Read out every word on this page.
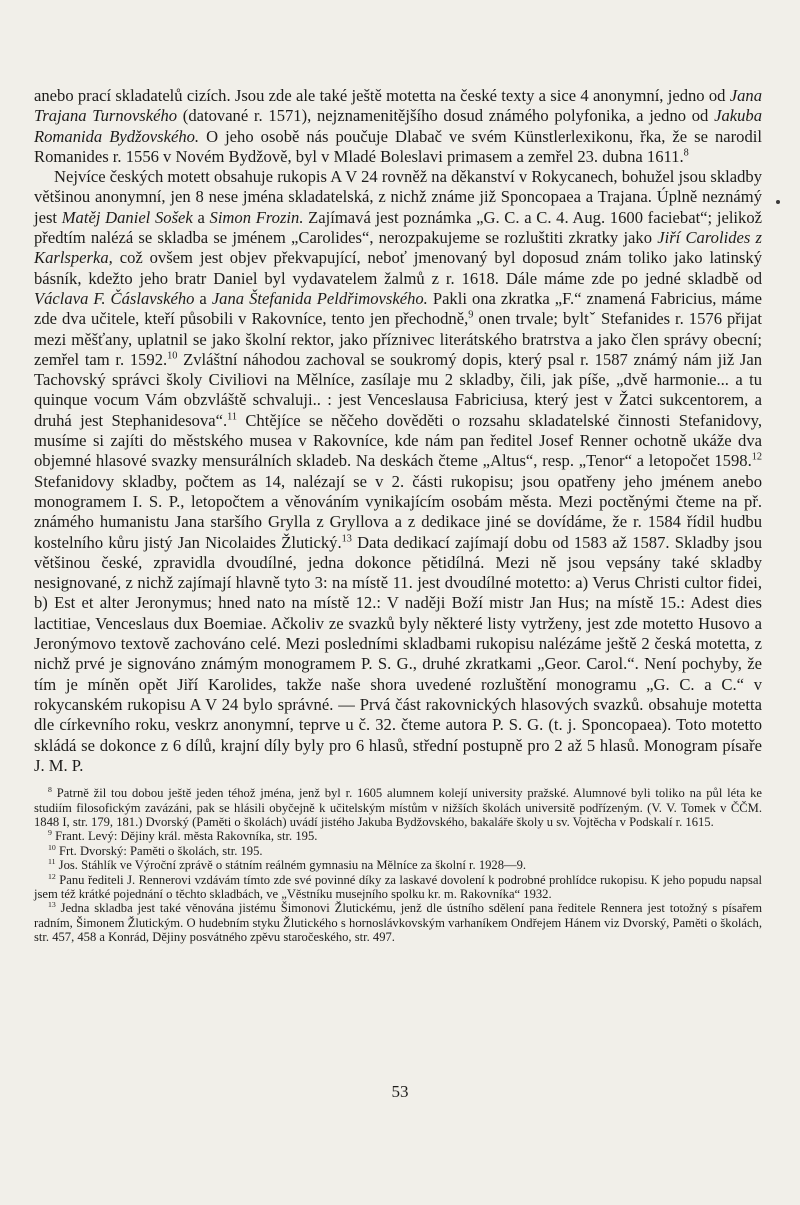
anebo prací skladatelů cizích. Jsou zde ale také ještě motetta na české texty a sice 4 anonymní, jedno od Jana Trajana Turnovského (datované r. 1571), nejznamenitějšího dosud známého polyfonika, a jedno od Jakuba Romanida Bydžovského. O jeho osobě nás poučuje Dlabač ve svém Künstlerlexikonu, řka, že se narodil Romanides r. 1556 v Novém Bydžově, byl v Mladé Boleslavi primasem a zemřel 23. dubna 1611.$^8$

Nejvíce českých motett obsahuje rukopis A V 24 rovněž na děkanství v Rokycanech, bohužel jsou skladby většinou anonymní, jen 8 nese jména skladatelská, z nichž známe již Sponcopaea a Trajana. Úplně neznámý jest Matěj Daniel Sošek a Simon Frozin. Zajímavá jest poznámka „G. C. a C. 4. Aug. 1600 faciebat“; jelikož předtím nalézá se skladba se jménem „Carolides“, nerozpakujeme se rozluštiti zkratky jako Jiří Carolides z Karlsperka, což ovšem jest objev překvapující, neboť jmenovaný byl doposud znám toliko jako latinský básník, kdežto jeho bratr Daniel byl vydavatelem žalmů z r. 1618. Dále máme zde po jedné skladbě od Václava F. Čáslavského a Jana Štefanida Peldřimovského. Pakli ona zkratka „F.“ znamená Fabricius, máme zde dva učitele, kteří působili v Rakovníce, tento jen přechodně,$^9$ onen trvale; byltˇ Stefanides r. 1576 přijat mezi měšťany, uplatnil se jako školní rektor, jako příznivec literátského bratrstva a jako člen správy obecní; zemřel tam r. 1592.10 Zvláštní náhodou zachoval se soukromý dopis, který psal r. 1587 známý nám již Jan Tachovský správci školy Civiliovi na Mělníce, zasílaje mu 2 skladby, čili, jak píše, „dvě harmonie... a tu quinque vocum Vám obzvláště schvaluji.. : jest Venceslausa Fabriciusa, který jest v Žatci sukcentorem, a druhá jest Stephanidesova“.$^{11}$ Chtějíce se něčeho dověděti o rozsahu skladatelské činnosti Stefanidovy, musíme si zajíti do městského musea v Rakovníce, kde nám pan ředitel Josef Renner ochotně ukáže dva objemné hlasové svazky mensurálních skladeb. Na deskách čteme „Altus“, resp. „Tenor“ a letopočet 1598.12 Stefanidovy skladby, počtem as 14, nalézají se v 2. části rukopisu; jsou opatřeny jeho jménem anebo monogramem I. S. P., letopočtem a věnováním vynikajícím osobám města. Mezi poctěnými čteme na př. známého humanistu Jana staršího Grylla z Gryllova a z dedikace jiné se dovídáme, že r. 1584 řídil hudbu kostelního kůru jistý Jan Nicolaides Žlutický.$^{13}$ Data dedikací zajímají dobu od 1583 až 1587. Skladby jsou většinou české, zpravidla dvoudílné, jedna dokonce pětidílná. Mezi ně jsou vepsány také skladby nesignované, z nichž zajímají hlavně tyto 3: na místě 11. jest dvoudílné motetto: a) Verus Christi cultor fidei, b) Est et alter Jeronymus; hned nato na místě 12.: V naději Boží mistr Jan Hus; na místě 15.: Adest dies lactitiae, Venceslaus dux Boemiae. Ačkoliv ze svazků byly některé listy vytrženy, jest zde motetto Husovo a Jeronýmovo textově zachováno celé. Mezi posledními skladbami rukopisu nalézáme ještě 2 česká motetta, z nichž prvé je signováno známým monogramem P. S. G., druhé zkratkami „Geor. Carol.“. Není pochyby, že tím je míněn opět Jiří Karolides, takže naše shora uvedené rozluštění monogramu „G. C. a C.“ v rokycanském rukopisu A V 24 bylo správné. — Prvá část rakovnických hlasových svazků. obsahuje motetta dle církevního roku, veskrz anonymní, teprve u č. 32. čteme autora P. S. G. (t. j. Sponcopaea). Toto motetto skládá se dokonce z 6 dílů, krajní díly byly pro 6 hlasů, střední postupně pro 2 až 5 hlasů. Monogram písaře J. M. P.

$^8$ Patrně žil tou dobou ještě jeden téhož jména, jenž byl r. 1605 alumnem kolejí university pražské. Alumnové byli toliko na půl léta ke studiím filosofickým zavázáni, pak se hlásili obyčejně k učitelským místům v nižších školách universitě podřízeným. (V. V. Tomek v ČČM. 1848 I, str. 179, 181.) Dvorský (Paměti o školách) uvádí jistého Jakuba Bydžovského, bakaláře školy u sv. Vojtěcha v Podskalí r. 1615.

$^9$ Frant. Levý: Dějiny král. města Rakovníka, str. 195.

$^{10}$ Frt. Dvorský: Paměti o školách, str. 195.

$^{11}$ Jos. Stáhlík ve Výroční zprávě o státním reálném gymnasiu na Mělníce za školní r. 1928—9.

$^{12}$ Panu řediteli J. Rennerovi vzdávám tímto zde své povinné díky za laskavé dovolení k podrobné prohlídce rukopisu. K jeho popudu napsal jsem též krátké pojednání o těchto skladbách, ve „Věstníku musejního spolku kr. m. Rakovníka“ 1932.

$^{13}$ Jedna skladba jest také věnována jistému Šimonovi Žlutickému, jenž dle ústního sdělení pana ředitele Rennera jest totožný s písařem radním, Šimonem Žlutickým. O hudebním styku Žlutického s hornoslávkovským varhaníkem Ondřejem Hánem viz Dvorský, Paměti o školách, str. 457, 458 a Konrád, Dějiny posvátného zpěvu staročeského, str. 497.

53
